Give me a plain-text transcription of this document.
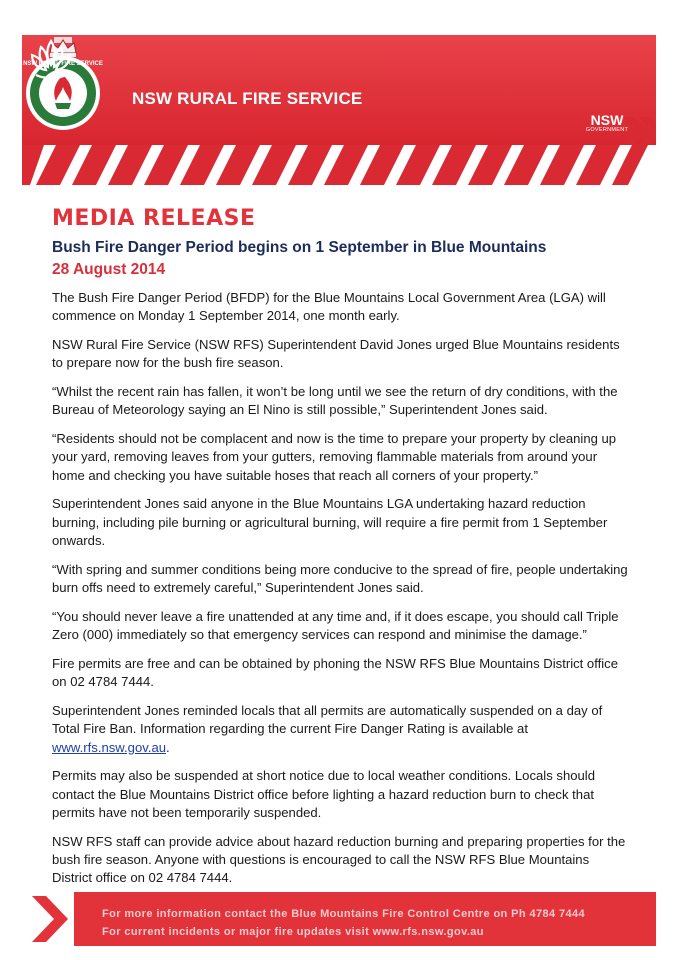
NSW RURAL FIRE SERVICE
NSW RURAL FIRE SERVICE
NSW
GOVERNMENT
MEDIA RELEASE
Bush Fire Danger Period begins on 1 September in Blue Mountains
28 August 2014

The Bush Fire Danger Period (BFDP) for the Blue Mountains Local Government Area (LGA) will commence on Monday 1 September 2014, one month early.

NSW Rural Fire Service (NSW RFS) Superintendent David Jones urged Blue Mountains residents to prepare now for the bush fire season.

“Whilst the recent rain has fallen, it won’t be long until we see the return of dry conditions, with the Bureau of Meteorology saying an El Nino is still possible,” Superintendent Jones said.

“Residents should not be complacent and now is the time to prepare your property by cleaning up your yard, removing leaves from your gutters, removing flammable materials from around your home and checking you have suitable hoses that reach all corners of your property.”

Superintendent Jones said anyone in the Blue Mountains LGA undertaking hazard reduction burning, including pile burning or agricultural burning, will require a fire permit from 1 September onwards.

“With spring and summer conditions being more conducive to the spread of fire, people undertaking burn offs need to extremely careful,” Superintendent Jones said.

“You should never leave a fire unattended at any time and, if it does escape, you should call Triple Zero (000) immediately so that emergency services can respond and minimise the damage.”

Fire permits are free and can be obtained by phoning the NSW RFS Blue Mountains District office on 02 4784 7444.

Superintendent Jones reminded locals that all permits are automatically suspended on a day of Total Fire Ban. Information regarding the current Fire Danger Rating is available at www.rfs.nsw.gov.au.

Permits may also be suspended at short notice due to local weather conditions. Locals should contact the Blue Mountains District office before lighting a hazard reduction burn to check that permits have not been temporarily suspended.

NSW RFS staff can provide advice about hazard reduction burning and preparing properties for the bush fire season. Anyone with questions is encouraged to call the NSW RFS Blue Mountains District office on 02 4784 7444.

For more information contact the Blue Mountains Fire Control Centre on Ph 4784 7444
For current incidents or major fire updates visit www.rfs.nsw.gov.au
